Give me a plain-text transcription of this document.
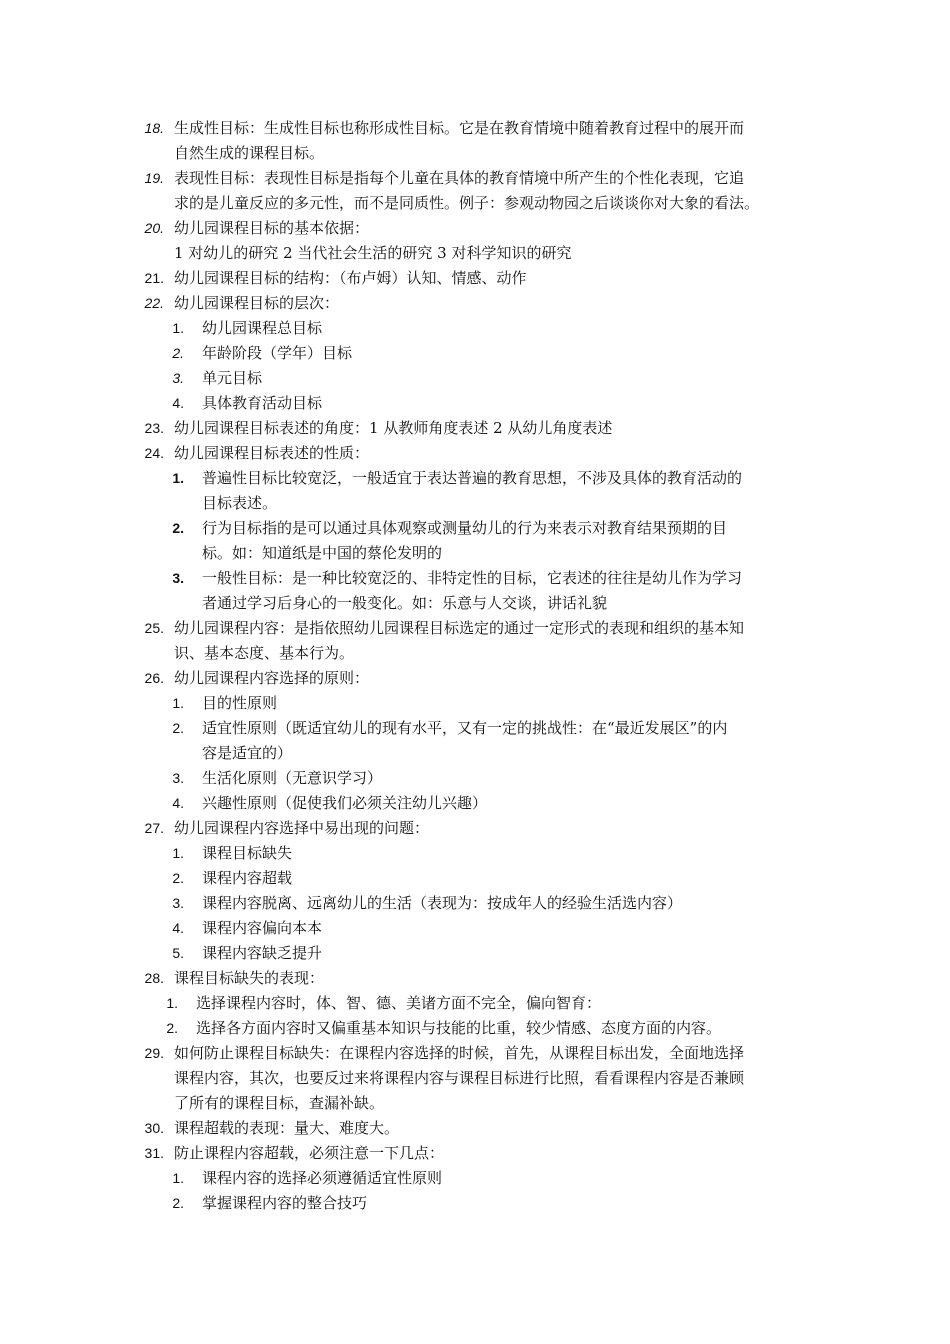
18. 生成性目标：生成性目标也称形成性目标。它是在教育情境中随着教育过程中的展开而
自然生成的课程目标。
19. 表现性目标：表现性目标是指每个儿童在具体的教育情境中所产生的个性化表现，它追
求的是儿童反应的多元性，而不是同质性。例子：参观动物园之后谈谈你对大象的看法。
20. 幼儿园课程目标的基本依据：
1 对幼儿的研究 2 当代社会生活的研究 3 对科学知识的研究
21. 幼儿园课程目标的结构：（布卢姆）认知、情感、动作
22. 幼儿园课程目标的层次：
1. 幼儿园课程总目标
2. 年龄阶段（学年）目标
3. 单元目标
4. 具体教育活动目标
23. 幼儿园课程目标表述的角度：1 从教师角度表述 2 从幼儿角度表述
24. 幼儿园课程目标表述的性质：
1. 普遍性目标比较宽泛，一般适宜于表达普遍的教育思想，不涉及具体的教育活动的
目标表述。
2. 行为目标指的是可以通过具体观察或测量幼儿的行为来表示对教育结果预期的目
标。如：知道纸是中国的蔡伦发明的
3. 一般性目标：是一种比较宽泛的、非特定性的目标，它表述的往往是幼儿作为学习
者通过学习后身心的一般变化。如：乐意与人交谈，讲话礼貌
25. 幼儿园课程内容：是指依照幼儿园课程目标选定的通过一定形式的表现和组织的基本知
识、基本态度、基本行为。
26. 幼儿园课程内容选择的原则：
1. 目的性原则
2. 适宜性原则（既适宜幼儿的现有水平，又有一定的挑战性：在“最近发展区”的内
容是适宜的）
3. 生活化原则（无意识学习）
4. 兴趣性原则（促使我们必须关注幼儿兴趣）
27. 幼儿园课程内容选择中易出现的问题：
1. 课程目标缺失
2. 课程内容超载
3. 课程内容脱离、远离幼儿的生活（表现为：按成年人的经验生活选内容）
4. 课程内容偏向本本
5. 课程内容缺乏提升
28. 课程目标缺失的表现：
1. 选择课程内容时，体、智、德、美诸方面不完全，偏向智育：
2. 选择各方面内容时又偏重基本知识与技能的比重，较少情感、态度方面的内容。
29. 如何防止课程目标缺失：在课程内容选择的时候，首先，从课程目标出发，全面地选择
课程内容，其次，也要反过来将课程内容与课程目标进行比照，看看课程内容是否兼顾
了所有的课程目标，查漏补缺。
30. 课程超载的表现：量大、难度大。
31. 防止课程内容超载，必须注意一下几点：
1. 课程内容的选择必须遵循适宜性原则
2. 掌握课程内容的整合技巧
